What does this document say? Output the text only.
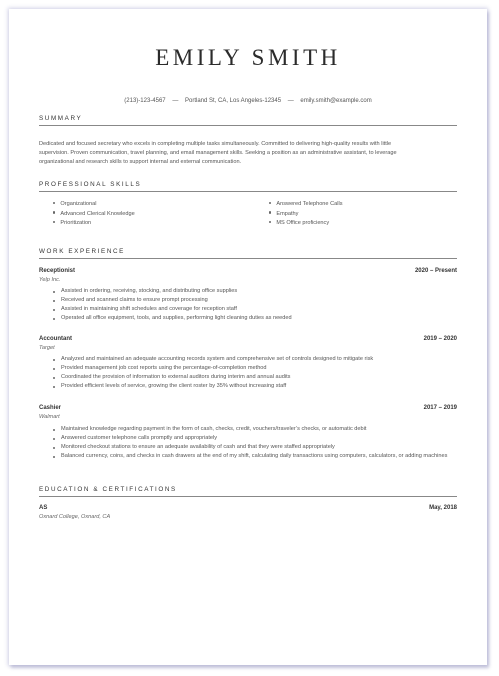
EMILY SMITH
(213)-123-4567 — Portland St, CA, Los Angeles-12345 — emily.smith@example.com
SUMMARY
Dedicated and focused secretary who excels in completing multiple tasks simultaneously. Committed to delivering high-quality results with little
supervision. Proven communication, travel planning, and email management skills. Seeking a position as an administrative assistant, to leverage
organizational and research skills to support internal and external communication.
PROFESSIONAL SKILLS
Organizational
Advanced Clerical Knowledge
Prioritization
Answered Telephone Calls
Empathy
MS Office proficiency
WORK EXPERIENCE
Receptionist	2020 – Present
Yelp Inc.
Assisted in ordering, receiving, stocking, and distributing office supplies
Received and scanned claims to ensure prompt processing
Assisted in maintaining shift schedules and coverage for reception staff
Operated all office equipment, tools, and supplies, performing light cleaning duties as needed
Accountant	2019 – 2020
Target
Analyzed and maintained an adequate accounting records system and comprehensive set of controls designed to mitigate risk
Provided management job cost reports using the percentage-of-completion method
Coordinated the provision of information to external auditors during interim and annual audits
Provided efficient levels of service, growing the client roster by 35% without increasing staff
Cashier	2017 – 2019
Walmart
Maintained knowledge regarding payment in the form of cash, checks, credit, vouchers/traveler’s checks, or automatic debit
Answered customer telephone calls promptly and appropriately
Monitored checkout stations to ensure an adequate availability of cash and that they were staffed appropriately
Balanced currency, coins, and checks in cash drawers at the end of my shift, calculating daily transactions using computers, calculators, or adding machines
EDUCATION & CERTIFICATIONS
AS	May, 2018
Oxnard College, Oxnard, CA
